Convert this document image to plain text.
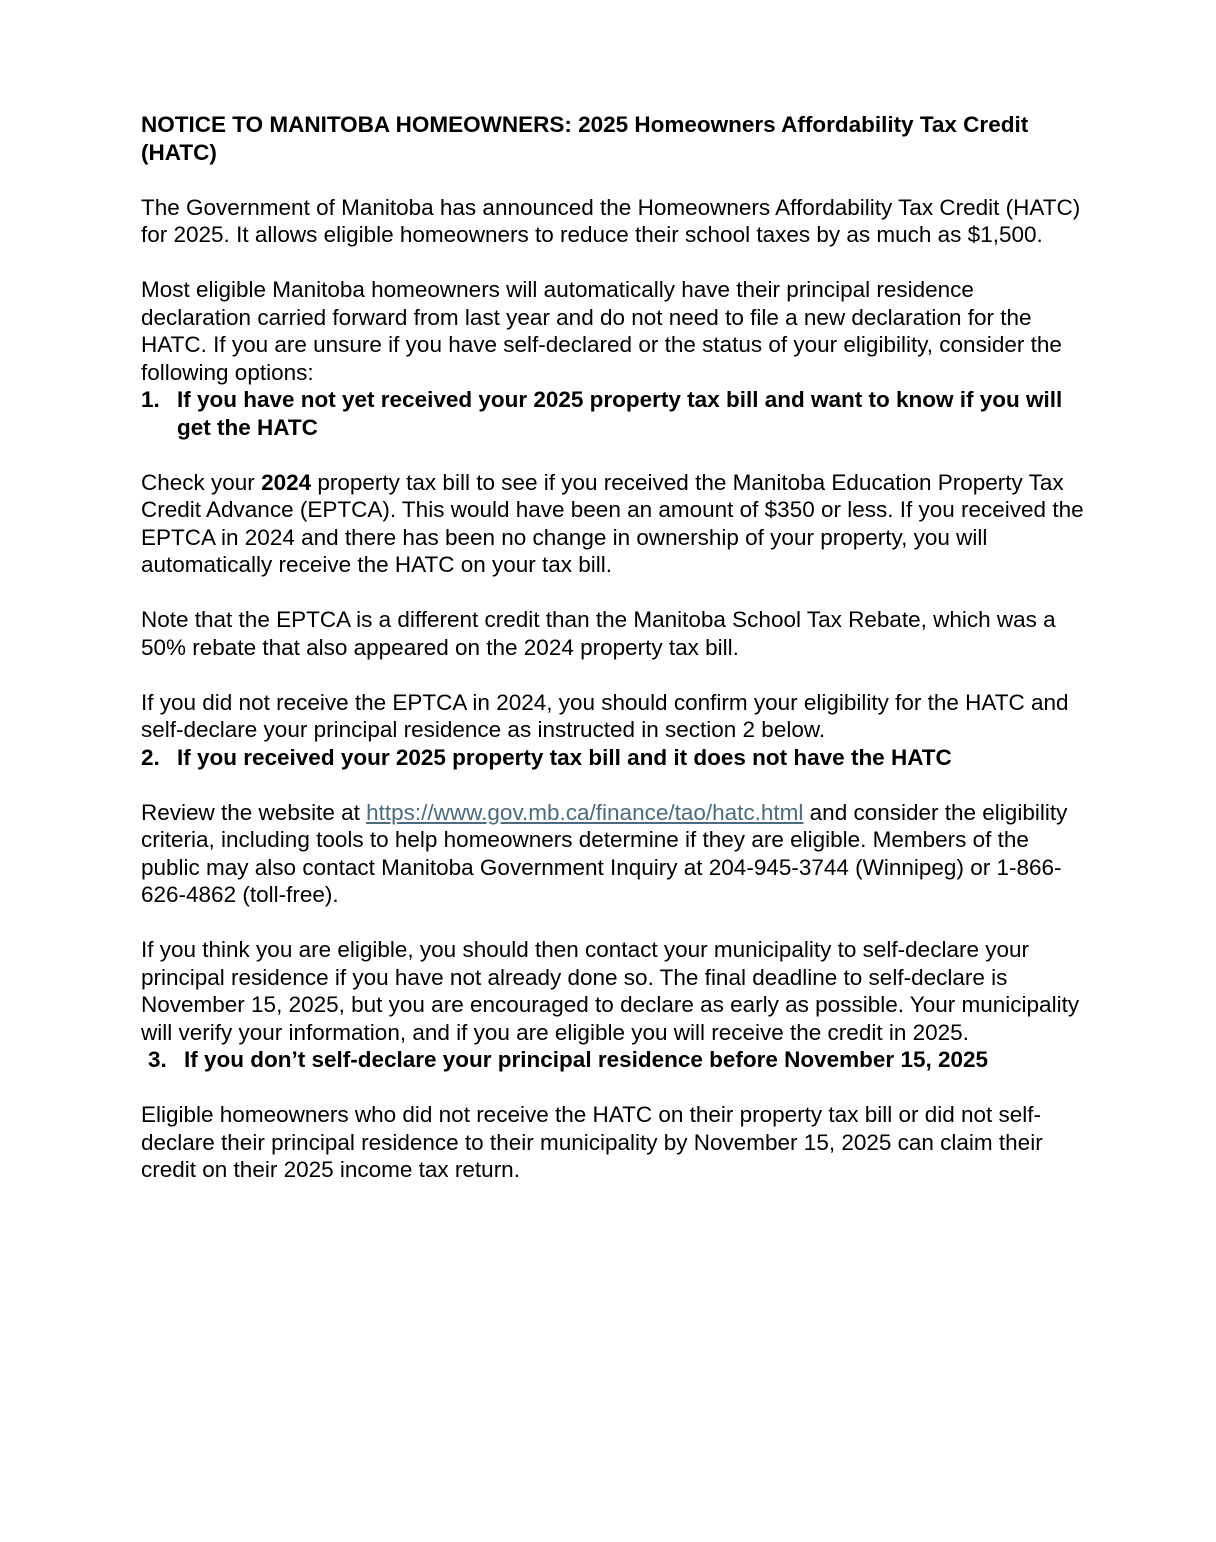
NOTICE TO MANITOBA HOMEOWNERS: 2025 Homeowners Affordability Tax Credit (HATC)

The Government of Manitoba has announced the Homeowners Affordability Tax Credit (HATC) for 2025. It allows eligible homeowners to reduce their school taxes by as much as $1,500.

Most eligible Manitoba homeowners will automatically have their principal residence declaration carried forward from last year and do not need to file a new declaration for the HATC. If you are unsure if you have self-declared or the status of your eligibility, consider the following options:

1. If you have not yet received your 2025 property tax bill and want to know if you will get the HATC

Check your 2024 property tax bill to see if you received the Manitoba Education Property Tax Credit Advance (EPTCA). This would have been an amount of $350 or less. If you received the EPTCA in 2024 and there has been no change in ownership of your property, you will automatically receive the HATC on your tax bill.

Note that the EPTCA is a different credit than the Manitoba School Tax Rebate, which was a 50% rebate that also appeared on the 2024 property tax bill.

If you did not receive the EPTCA in 2024, you should confirm your eligibility for the HATC and self-declare your principal residence as instructed in section 2 below.

2. If you received your 2025 property tax bill and it does not have the HATC

Review the website at https://www.gov.mb.ca/finance/tao/hatc.html and consider the eligibility criteria, including tools to help homeowners determine if they are eligible. Members of the public may also contact Manitoba Government Inquiry at 204-945-3744 (Winnipeg) or 1-866-626-4862 (toll-free).

If you think you are eligible, you should then contact your municipality to self-declare your principal residence if you have not already done so. The final deadline to self-declare is November 15, 2025, but you are encouraged to declare as early as possible. Your municipality will verify your information, and if you are eligible you will receive the credit in 2025.

3. If you don’t self-declare your principal residence before November 15, 2025

Eligible homeowners who did not receive the HATC on their property tax bill or did not self-declare their principal residence to their municipality by November 15, 2025 can claim their credit on their 2025 income tax return.
